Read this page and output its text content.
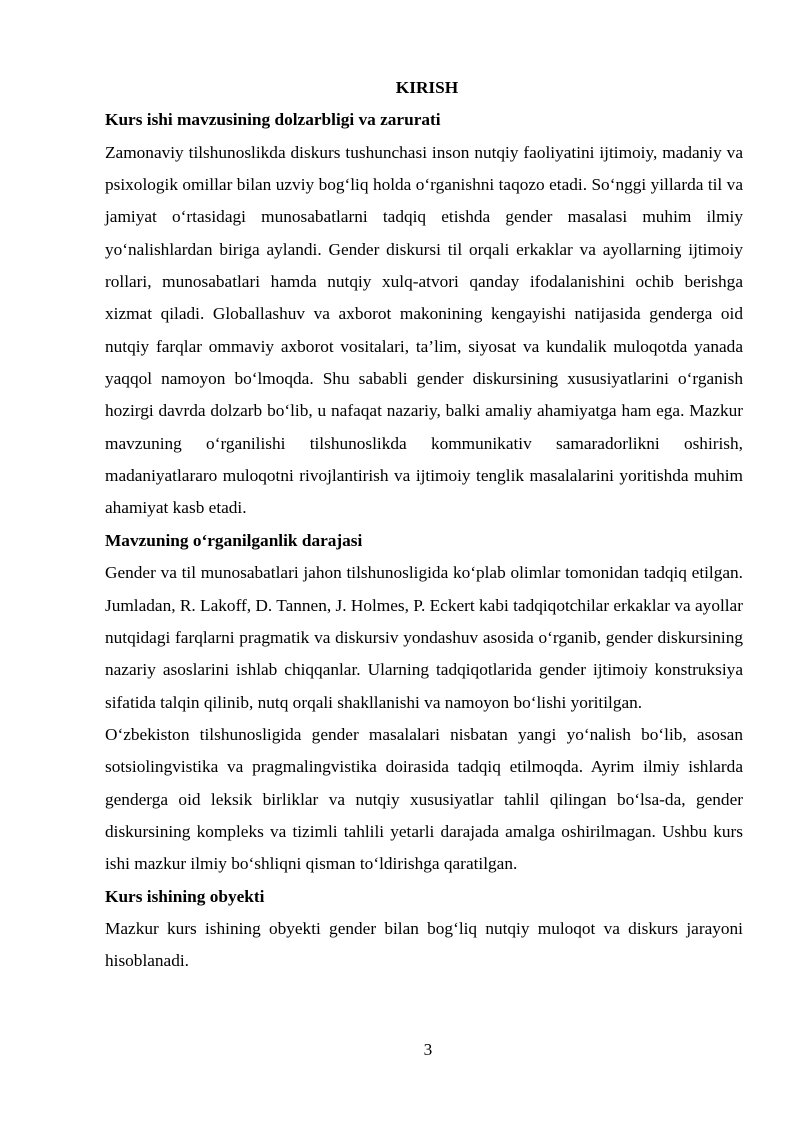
KIRISH
Kurs ishi mavzusining dolzarbligi va zarurati

Zamonaviy tilshunoslikda diskurs tushunchasi inson nutqiy faoliyatini ijtimoiy, madaniy va psixologik omillar bilan uzviy bog‘liq holda o‘rganishni taqozo etadi. So‘nggi yillarda til va jamiyat o‘rtasidagi munosabatlarni tadqiq etishda gender masalasi muhim ilmiy yo‘nalishlardan biriga aylandi. Gender diskursi til orqali erkaklar va ayollarning ijtimoiy rollari, munosabatlari hamda nutqiy xulq-atvori qanday ifodalanishini ochib berishga xizmat qiladi. Globallashuv va axborot makonining kengayishi natijasida genderga oid nutqiy farqlar ommaviy axborot vositalari, ta’lim, siyosat va kundalik muloqotda yanada yaqqol namoyon bo‘lmoqda. Shu sababli gender diskursining xususiyatlarini o‘rganish hozirgi davrda dolzarb bo‘lib, u nafaqat nazariy, balki amaliy ahamiyatga ham ega. Mazkur mavzuning o‘rganilishi tilshunoslikda kommunikativ samaradorlikni oshirish, madaniyatlararo muloqotni rivojlantirish va ijtimoiy tenglik masalalarini yoritishda muhim ahamiyat kasb etadi.

Mavzuning o‘rganilganlik darajasi

Gender va til munosabatlari jahon tilshunosligida ko‘plab olimlar tomonidan tadqiq etilgan. Jumladan, R. Lakoff, D. Tannen, J. Holmes, P. Eckert kabi tadqiqotchilar erkaklar va ayollar nutqidagi farqlarni pragmatik va diskursiv yondashuv asosida o‘rganib, gender diskursining nazariy asoslarini ishlab chiqqanlar. Ularning tadqiqotlarida gender ijtimoiy konstruksiya sifatida talqin qilinib, nutq orqali shakllanishi va namoyon bo‘lishi yoritilgan.

O‘zbekiston tilshunosligida gender masalalari nisbatan yangi yo‘nalish bo‘lib, asosan sotsiolingvistika va pragmalingvistika doirasida tadqiq etilmoqda. Ayrim ilmiy ishlarda genderga oid leksik birliklar va nutqiy xususiyatlar tahlil qilingan bo‘lsa-da, gender diskursining kompleks va tizimli tahlili yetarli darajada amalga oshirilmagan. Ushbu kurs ishi mazkur ilmiy bo‘shliqni qisman to‘ldirishga qaratilgan.

Kurs ishining obyekti

Mazkur kurs ishining obyekti gender bilan bog‘liq nutqiy muloqot va diskurs jarayoni hisoblanadi.

3
